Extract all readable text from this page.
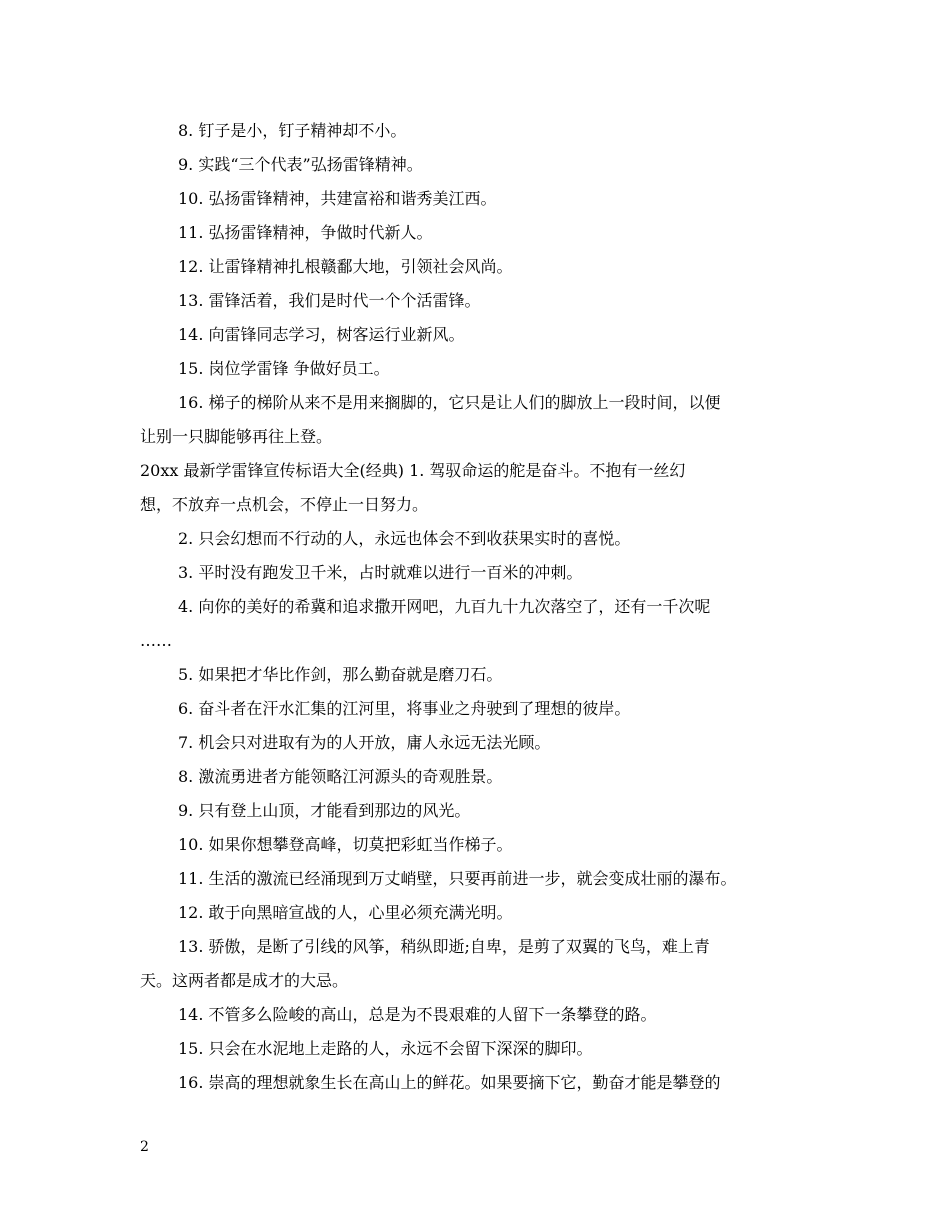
8. 钉子是小，钉子精神却不小。

9. 实践“三个代表”弘扬雷锋精神。

10. 弘扬雷锋精神，共建富裕和谐秀美江西。

11. 弘扬雷锋精神，争做时代新人。

12. 让雷锋精神扎根赣鄱大地，引领社会风尚。

13. 雷锋活着，我们是时代一个个活雷锋。

14. 向雷锋同志学习，树客运行业新风。

15. 岗位学雷锋 争做好员工。

16. 梯子的梯阶从来不是用来搁脚的，它只是让人们的脚放上一段时间，以便

让别一只脚能够再往上登。

20xx 最新学雷锋宣传标语大全(经典) 1. 驾驭命运的舵是奋斗。不抱有一丝幻

想，不放弃一点机会，不停止一日努力。

2. 只会幻想而不行动的人，永远也体会不到收获果实时的喜悦。

3. 平时没有跑发卫千米，占时就难以进行一百米的冲刺。

4. 向你的美好的希冀和追求撒开网吧，九百九十九次落空了，还有一千次呢

……

5. 如果把才华比作剑，那么勤奋就是磨刀石。

6. 奋斗者在汗水汇集的江河里，将事业之舟驶到了理想的彼岸。

7. 机会只对进取有为的人开放，庸人永远无法光顾。

8. 激流勇进者方能领略江河源头的奇观胜景。

9. 只有登上山顶，才能看到那边的风光。

10. 如果你想攀登高峰，切莫把彩虹当作梯子。

11. 生活的激流已经涌现到万丈峭壁，只要再前进一步，就会变成壮丽的瀑布。

12. 敢于向黑暗宣战的人，心里必须充满光明。

13. 骄傲，是断了引线的风筝，稍纵即逝;自卑，是剪了双翼的飞鸟，难上青

天。这两者都是成才的大忌。

14. 不管多么险峻的高山，总是为不畏艰难的人留下一条攀登的路。

15. 只会在水泥地上走路的人，永远不会留下深深的脚印。

16. 崇高的理想就象生长在高山上的鲜花。如果要摘下它，勤奋才能是攀登的

2
